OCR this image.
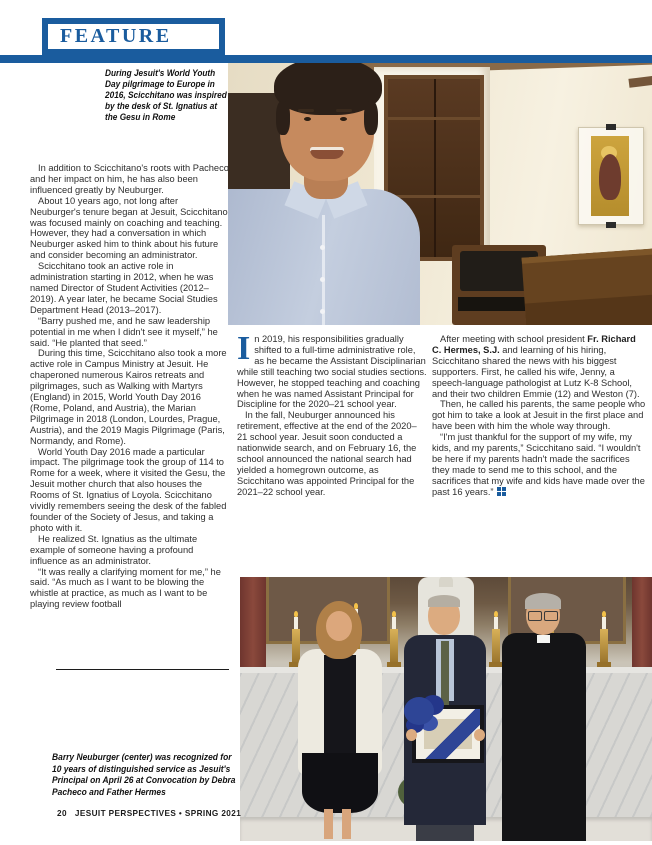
FEATURE
During Jesuit's World Youth Day pilgrimage to Europe in 2016, Scicchitano was inspired by the desk of St. Ignatius at the Gesu in Rome

In addition to Scicchitano's roots with Pacheco and her impact on him, he has also been influenced greatly by Neuburger.

About 10 years ago, not long after Neuburger's tenure began at Jesuit, Scicchitano was focused mainly on coaching and teaching. However, they had a conversation in which Neuburger asked him to think about his future and consider becoming an administrator.

Scicchitano took an active role in administration starting in 2012, when he was named Director of Student Activities (2012–2019). A year later, he became Social Studies Department Head (2013–2017).

“Barry pushed me, and he saw leadership potential in me when I didn't see it myself,” he said. “He planted that seed.”

During this time, Scicchitano also took a more active role in Campus Ministry at Jesuit. He chaperoned numerous Kairos retreats and pilgrimages, such as Walking with Martyrs (England) in 2015, World Youth Day 2016 (Rome, Poland, and Austria), the Marian Pilgrimage in 2018 (London, Lourdes, Prague, Austria), and the 2019 Magis Pilgrimage (Paris, Normandy, and Rome).

World Youth Day 2016 made a particular impact. The pilgrimage took the group of 114 to Rome for a week, where it visited the Gesu, the Jesuit mother church that also houses the Rooms of St. Ignatius of Loyola. Scicchitano vividly remembers seeing the desk of the fabled founder of the Society of Jesus, and taking a photo with it.

He realized St. Ignatius as the ultimate example of someone having a profound influence as an administrator.

“It was really a clarifying moment for me,” he said. “As much as I want to be blowing the whistle at practice, as much as I want to be playing review football

In 2019, his responsibilities gradually shifted to a full-time administrative role, as he became the Assistant Disciplinarian while still teaching two social studies sections. However, he stopped teaching and coaching when he was named Assistant Principal for Discipline for the 2020–21 school year.

In the fall, Neuburger announced his retirement, effective at the end of the 2020–21 school year. Jesuit soon conducted a nationwide search, and on February 16, the school announced the national search had yielded a homegrown outcome, as Scicchitano was appointed Principal for the 2021–22 school year.

After meeting with school president Fr. Richard C. Hermes, S.J. and learning of his hiring, Scicchitano shared the news with his biggest supporters. First, he called his wife, Jenny, a speech-language pathologist at Lutz K-8 School, and their two children Emmie (12) and Weston (7).

Then, he called his parents, the same people who got him to take a look at Jesuit in the first place and have been with him the whole way through.

“I'm just thankful for the support of my wife, my kids, and my parents,” Scicchitano said. “I wouldn't be here if my parents hadn't made the sacrifices they made to send me to this school, and the sacrifices that my wife and kids have made over the past 16 years.”

Barry Neuburger (center) was recognized for 10 years of distinguished service as Jesuit's Principal on April 26 at Convocation by Debra Pacheco and Father Hermes
20 JESUIT PERSPECTIVES • SPRING 2021
